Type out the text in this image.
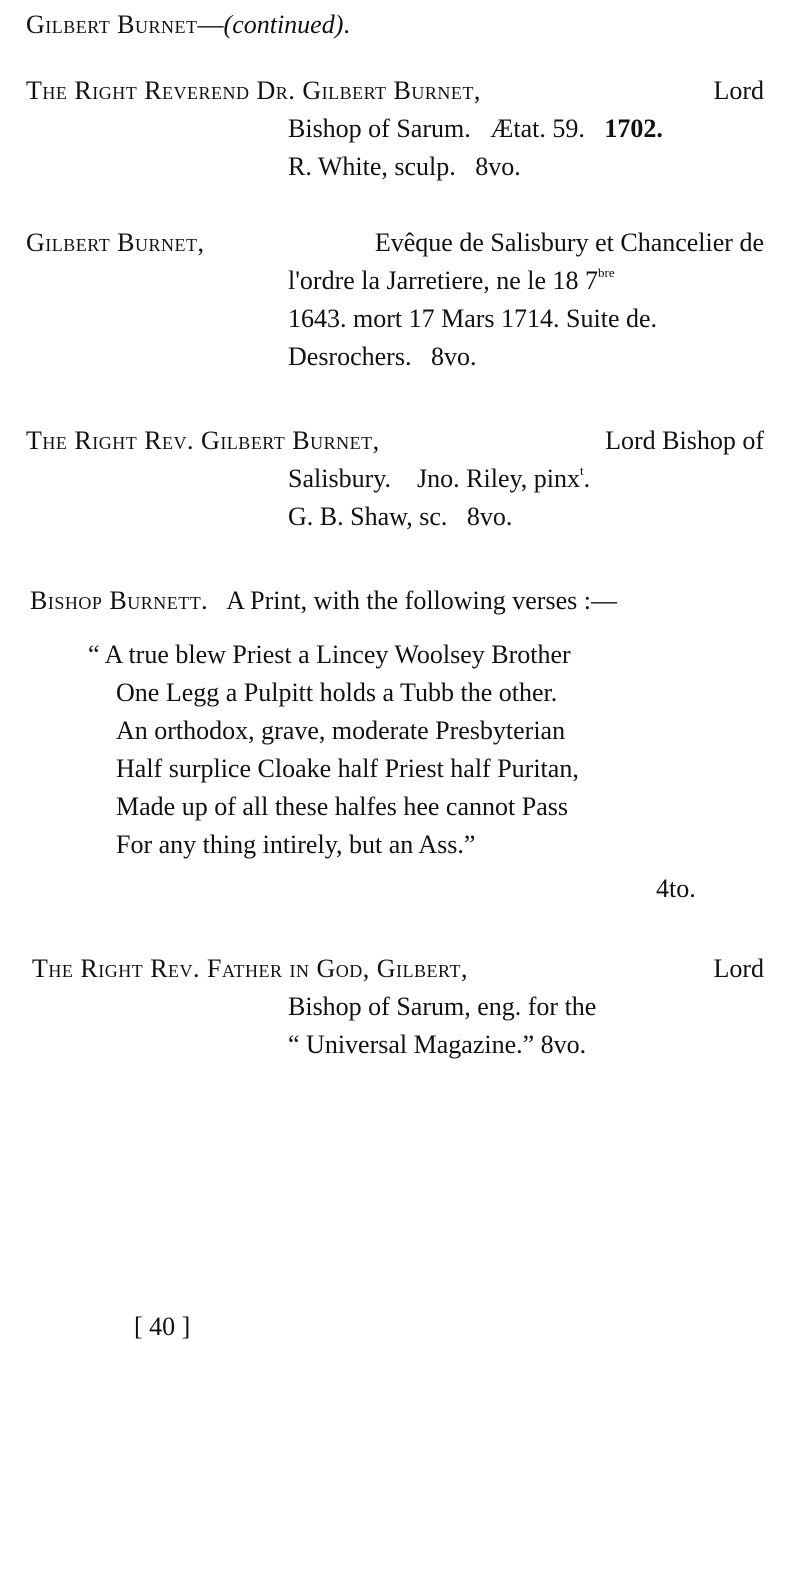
Gilbert Burnet—(continued).
The Right Reverend Dr. Gilbert Burnet,	Lord
Bishop of Sarum. Ætat. 59. 1702.
R. White, sculp. 8vo.
Gilbert Burnet,	Evêque de Salisbury et Chancelier de
l'ordre la Jarretiere, ne le 18 $7^{bre}$
1643. mort 17 Mars 1714. Suite de.
Desrochers. 8vo.
The Right Rev. Gilbert Burnet,	Lord Bishop of
Salisbury. Jno. Riley, pinx$^t$.
G. B. Shaw, sc. 8vo.
Bishop Burnett. A Print, with the following verses :—
“ A true blew Priest a Lincey Woolsey Brother
One Legg a Pulpitt holds a Tubb the other.
An orthodox, grave, moderate Presbyterian
Half surplice Cloake half Priest half Puritan,
Made up of all these halfes hee cannot Pass
For any thing intirely, but an Ass.”
4to.
The Right Rev. Father in God, Gilbert,	Lord
Bishop of Sarum, eng. for the
“ Universal Magazine.” 8vo.
[ 40 ]
